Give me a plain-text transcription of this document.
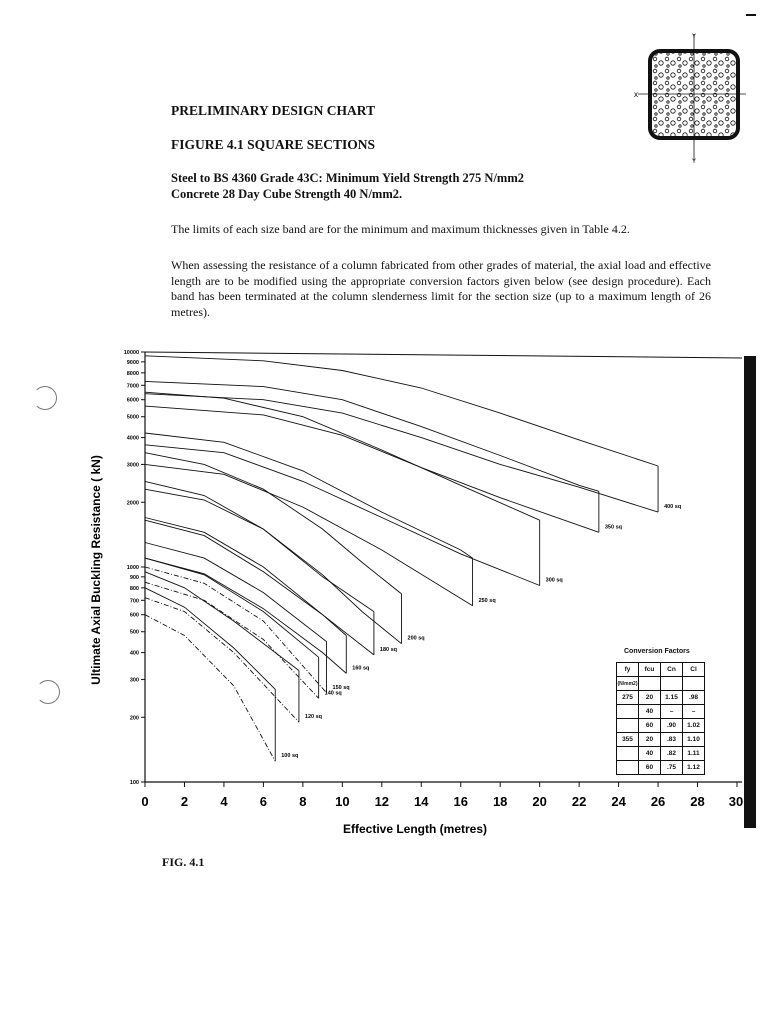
PRELIMINARY DESIGN CHART

FIGURE 4.1 SQUARE SECTIONS

Steel to BS 4360 Grade 43C: Minimum Yield Strength 275 N/mm2
Concrete 28 Day Cube Strength 40 N/mm2.

The limits of each size band are for the minimum and maximum thicknesses given in Table 4.2.

When assessing the resistance of a column fabricated from other grades of material, the axial load and effective length are to be modified using the appropriate conversion factors given below (see design procedure). Each band has been terminated at the column slenderness limit for the section size (up to a maximum length of 26 metres).

x
Y
Y
100
200
300
400
500
600
700
800
900
1000
2000
3000
4000
5000
6000
7000
8000
9000
10000
0 2 4 6 8 10 12 14 16 18 20 22 24 26 28 30
400 sq
350 sq
300 sq
250 sq
200 sq
180 sq
160 sq
150 sq
140 sq
120 sq
100 sq
Effective Length (metres)
Ultimate Axial Buckling Resistance ( kN)	Conversion Factors

fy	fcu	Cn	Cl
(N/mm2)			
275	20	1.15	.98
	40	–	–
	60	.90	1.02
355	20	.83	1.10
	40	.82	1.11
	60	.75	1.12

FIG. 4.1
